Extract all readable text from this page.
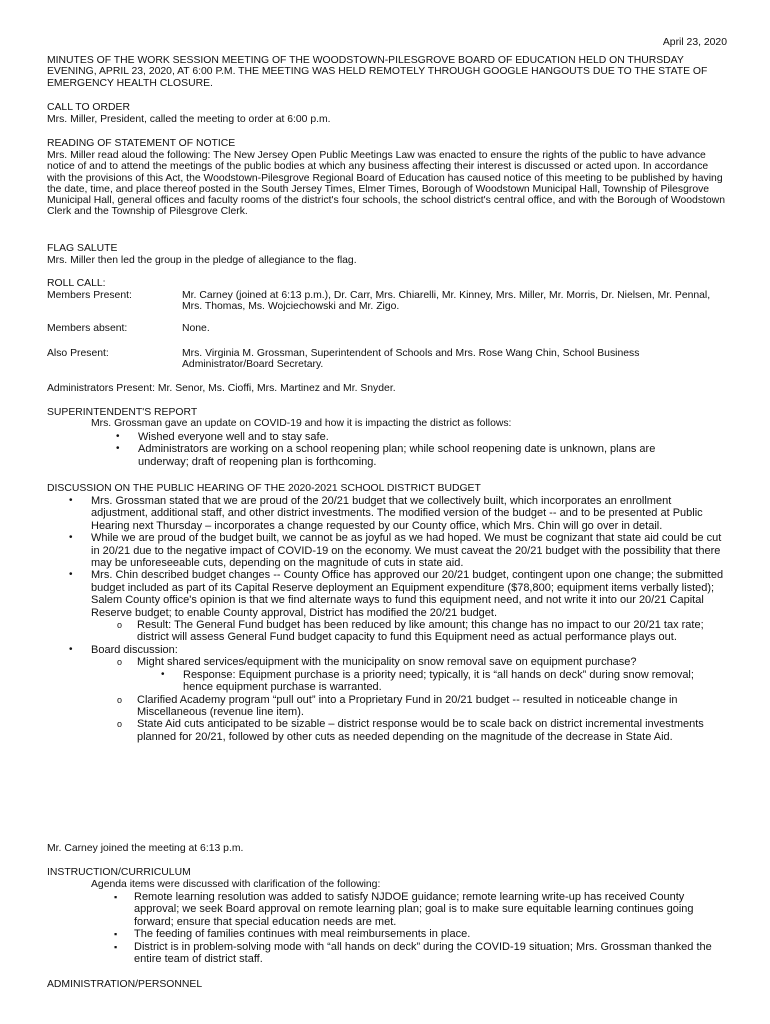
April 23, 2020

MINUTES OF THE WORK SESSION MEETING OF THE WOODSTOWN-PILESGROVE BOARD OF EDUCATION HELD ON THURSDAY EVENING, APRIL 23, 2020, AT 6:00 P.M. THE MEETING WAS HELD REMOTELY THROUGH GOOGLE HANGOUTS DUE TO THE STATE OF EMERGENCY HEALTH CLOSURE.

CALL TO ORDER

Mrs. Miller, President, called the meeting to order at 6:00 p.m.

READING OF STATEMENT OF NOTICE

Mrs. Miller read aloud the following: The New Jersey Open Public Meetings Law was enacted to ensure the rights of the public to have advance notice of and to attend the meetings of the public bodies at which any business affecting their interest is discussed or acted upon. In accordance with the provisions of this Act, the Woodstown-Pilesgrove Regional Board of Education has caused notice of this meeting to be published by having the date, time, and place thereof posted in the South Jersey Times, Elmer Times, Borough of Woodstown Municipal Hall, Township of Pilesgrove Municipal Hall, general offices and faculty rooms of the district's four schools, the school district's central office, and with the Borough of Woodstown Clerk and the Township of Pilesgrove Clerk.

FLAG SALUTE

Mrs. Miller then led the group in the pledge of allegiance to the flag.

ROLL CALL:

Members Present:	Mr. Carney (joined at 6:13 p.m.), Dr. Carr, Mrs. Chiarelli, Mr. Kinney, Mrs. Miller, Mr. Morris, Dr. Nielsen, Mr. Pennal, Mrs. Thomas, Ms. Wojciechowski and Mr. Zigo.
Members absent:	None.
Also Present:	Mrs. Virginia M. Grossman, Superintendent of Schools and Mrs. Rose Wang Chin, School Business Administrator/Board Secretary.

Administrators Present: Mr. Senor, Ms. Cioffi, Mrs. Martinez and Mr. Snyder.

SUPERINTENDENT'S REPORT

Mrs. Grossman gave an update on COVID-19 and how it is impacting the district as follows:

• Wished everyone well and to stay safe.
• Administrators are working on a school reopening plan; while school reopening date is unknown, plans are underway; draft of reopening plan is forthcoming.

DISCUSSION ON THE PUBLIC HEARING OF THE 2020-2021 SCHOOL DISTRICT BUDGET

• Mrs. Grossman stated that we are proud of the 20/21 budget that we collectively built, which incorporates an enrollment adjustment, additional staff, and other district investments. The modified version of the budget -- and to be presented at Public Hearing next Thursday – incorporates a change requested by our County office, which Mrs. Chin will go over in detail.
• While we are proud of the budget built, we cannot be as joyful as we had hoped. We must be cognizant that state aid could be cut in 20/21 due to the negative impact of COVID-19 on the economy. We must caveat the 20/21 budget with the possibility that there may be unforeseeable cuts, depending on the magnitude of cuts in state aid.
• Mrs. Chin described budget changes -- County Office has approved our 20/21 budget, contingent upon one change; the submitted budget included as part of its Capital Reserve deployment an Equipment expenditure ($78,800; equipment items verbally listed); Salem County office's opinion is that we find alternate ways to fund this equipment need, and not write it into our 20/21 Capital Reserve budget; to enable County approval, District has modified the 20/21 budget.
o Result: The General Fund budget has been reduced by like amount; this change has no impact to our 20/21 tax rate; district will assess General Fund budget capacity to fund this Equipment need as actual performance plays out.
• Board discussion:
o Might shared services/equipment with the municipality on snow removal save on equipment purchase?
• Response: Equipment purchase is a priority need; typically, it is “all hands on deck” during snow removal; hence equipment purchase is warranted.
o Clarified Academy program “pull out” into a Proprietary Fund in 20/21 budget -- resulted in noticeable change in Miscellaneous (revenue line item).
o State Aid cuts anticipated to be sizable – district response would be to scale back on district incremental investments planned for 20/21, followed by other cuts as needed depending on the magnitude of the decrease in State Aid.

Mr. Carney joined the meeting at 6:13 p.m.

INSTRUCTION/CURRICULUM

Agenda items were discussed with clarification of the following:

▪ Remote learning resolution was added to satisfy NJDOE guidance; remote learning write-up has received County approval; we seek Board approval on remote learning plan; goal is to make sure equitable learning continues going forward; ensure that special education needs are met.
▪ The feeding of families continues with meal reimbursements in place.
▪ District is in problem-solving mode with “all hands on deck” during the COVID-19 situation; Mrs. Grossman thanked the entire team of district staff.

ADMINISTRATION/PERSONNEL
